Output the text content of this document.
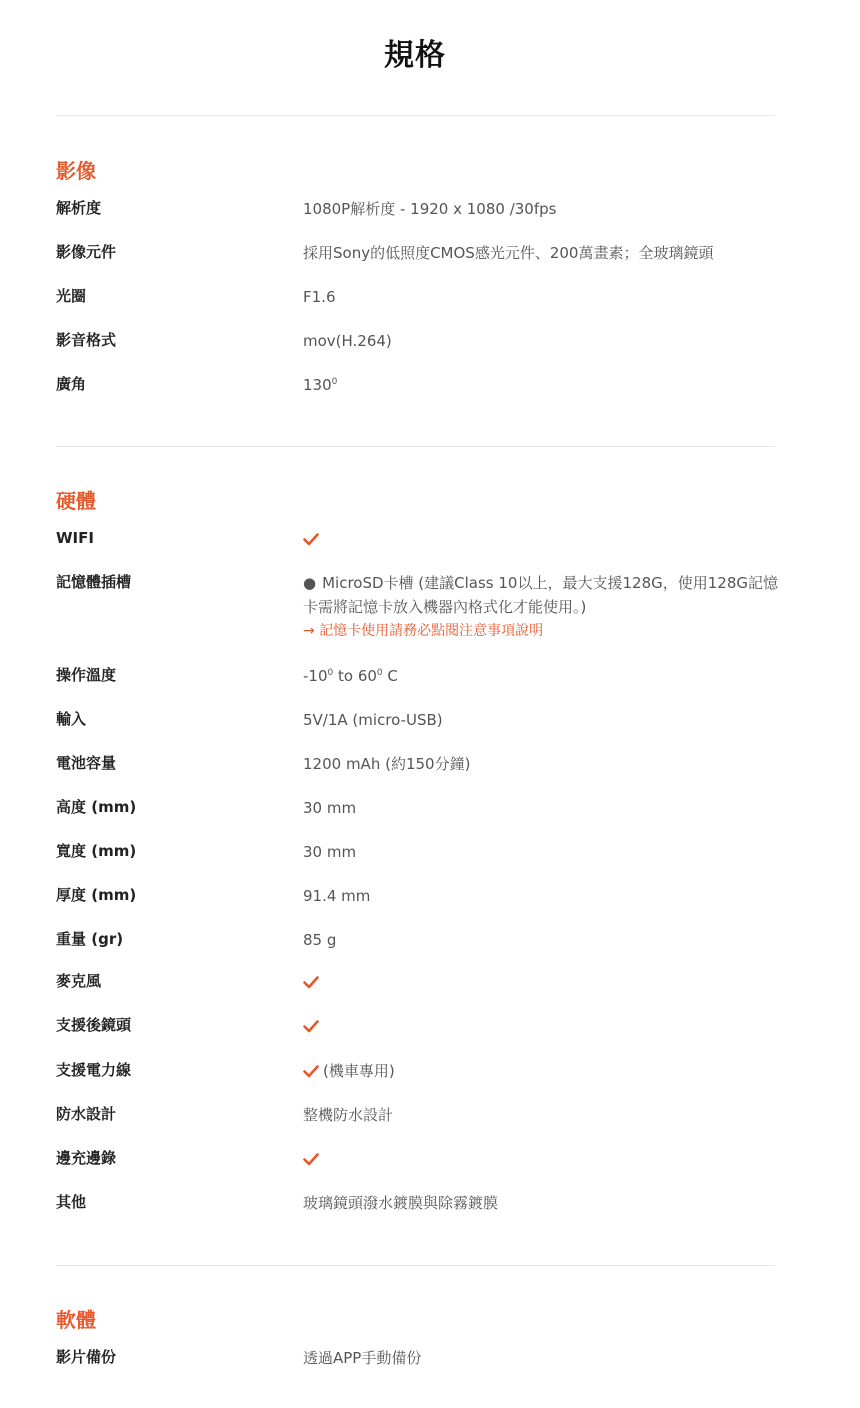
規格
影像
解析度	1080P解析度 - 1920 x 1080 /30fps
影像元件	採用Sony的低照度CMOS感光元件、200萬畫素；全玻璃鏡頭
光圈	F1.6
影音格式	mov(H.264)
廣角	$130^0$
硬體
WIFI
記憶體插槽	● MicroSD卡槽 (建議Class 10以上，最大支援128G，使用128G記憶
卡需將記憶卡放入機器內格式化才能使用。)
→ 記憶卡使用請務必點閱注意事項說明
操作溫度	$-10^0$ to $60^0$ C
輸入	5V/1A (micro-USB)
電池容量	1200 mAh (約150分鐘)
高度 (mm)	30 mm
寬度 (mm)	30 mm
厚度 (mm)	91.4 mm
重量 (gr)	85 g
麥克風
支援後鏡頭
支援電力線	(機車專用)
防水設計	整機防水設計
邊充邊錄
其他	玻璃鏡頭潑水鍍膜與除霧鍍膜
軟體
影片備份	透過APP手動備份
